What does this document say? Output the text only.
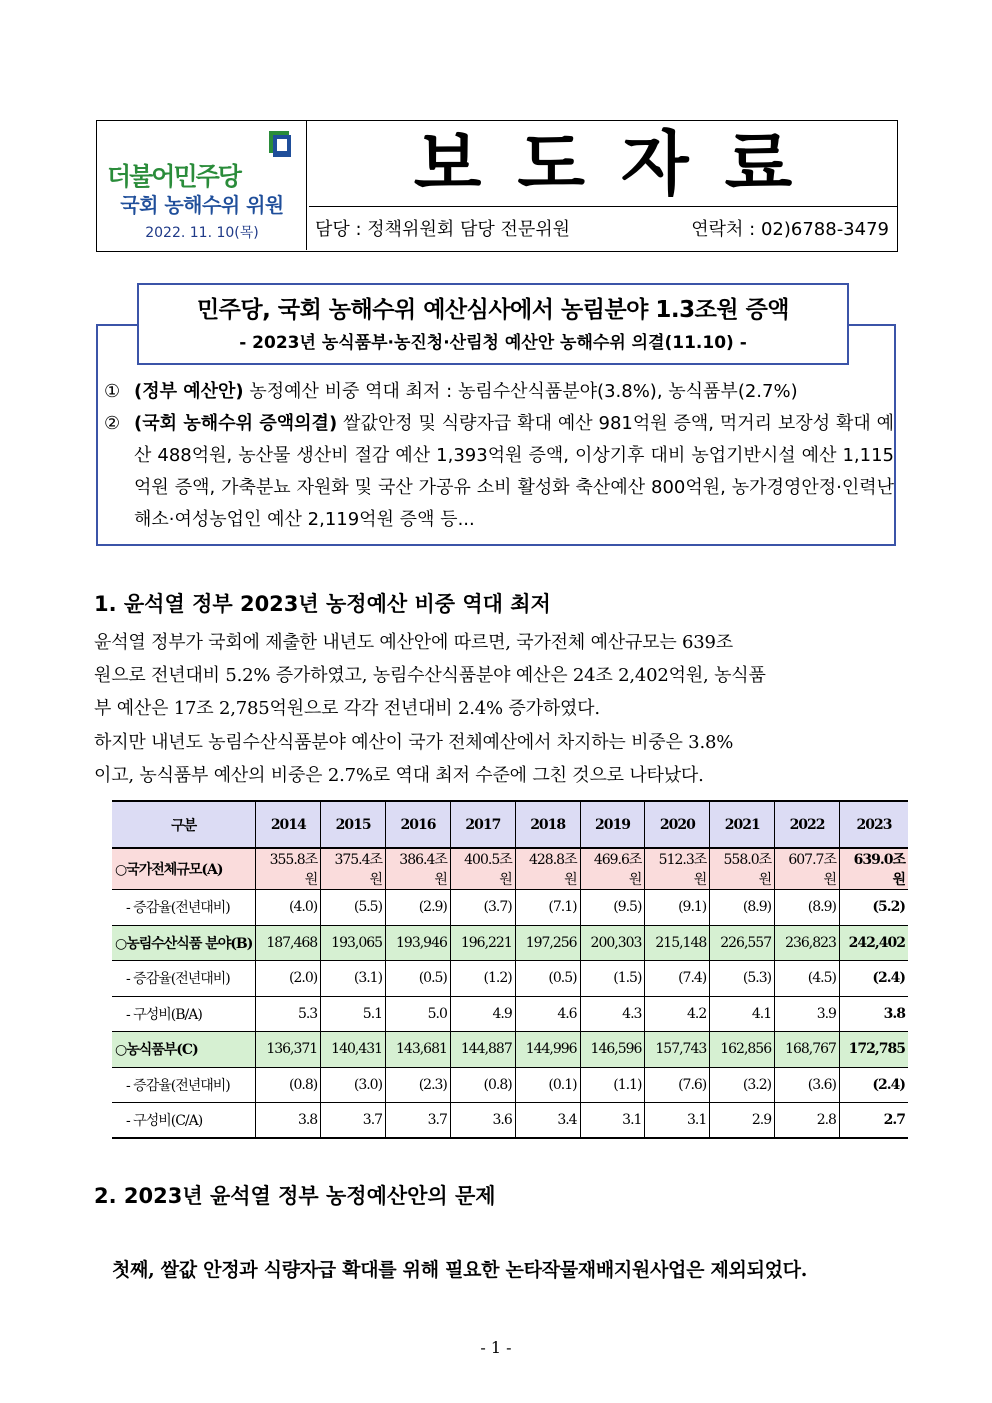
더불어민주당
국회 농해수위 위원
2022. 11. 10(목)
보도자료
담당 : 정책위원회 담당 전문위원	연락처 : 02)6788-3479
민주당, 국회 농해수위 예산심사에서 농림분야 1.3조원 증액
- 2023년 농식품부·농진청·산림청 예산안 농해수위 의결(11.10) -
① (정부 예산안) 농정예산 비중 역대 최저 : 농림수산식품분야(3.8%), 농식품부(2.7%)
② (국회 농해수위 증액의결) 쌀값안정 및 식량자급 확대 예산 981억원 증액, 먹거리 보장성 확대 예산 488억원, 농산물 생산비 절감 예산 1,393억원 증액, 이상기후 대비 농업기반시설 예산 1,115억원 증액, 가축분뇨 자원화 및 국산 가공유 소비 활성화 축산예산 800억원, 농가경영안정·인력난해소·여성농업인 예산 2,119억원 증액 등...
1. 윤석열 정부 2023년 농정예산 비중 역대 최저
윤석열 정부가 국회에 제출한 내년도 예산안에 따르면, 국가전체 예산규모는 639조
원으로 전년대비 5.2% 증가하였고, 농림수산식품분야 예산은 24조 2,402억원, 농식품
부 예산은 17조 2,785억원으로 각각 전년대비 2.4% 증가하였다.
하지만 내년도 농림수산식품분야 예산이 국가 전체예산에서 차지하는 비중은 3.8%
이고, 농식품부 예산의 비중은 2.7%로 역대 최저 수준에 그친 것으로 나타났다.
구분	2014	2015	2016	2017	2018	2019	2020	2021	2022	2023
○국가전체규모(A)	355.8조원	375.4조원	386.4조원	400.5조원	428.8조원	469.6조원	512.3조원	558.0조원	607.7조원	639.0조원
- 증감율(전년대비)	(4.0)	(5.5)	(2.9)	(3.7)	(7.1)	(9.5)	(9.1)	(8.9)	(8.9)	(5.2)
○농림수산식품 분야(B)	187,468	193,065	193,946	196,221	197,256	200,303	215,148	226,557	236,823	242,402
- 증감율(전년대비)	(2.0)	(3.1)	(0.5)	(1.2)	(0.5)	(1.5)	(7.4)	(5.3)	(4.5)	(2.4)
- 구성비(B/A)	5.3	5.1	5.0	4.9	4.6	4.3	4.2	4.1	3.9	3.8
○농식품부(C)	136,371	140,431	143,681	144,887	144,996	146,596	157,743	162,856	168,767	172,785
- 증감율(전년대비)	(0.8)	(3.0)	(2.3)	(0.8)	(0.1)	(1.1)	(7.6)	(3.2)	(3.6)	(2.4)
- 구성비(C/A)	3.8	3.7	3.7	3.6	3.4	3.1	3.1	2.9	2.8	2.7
2. 2023년 윤석열 정부 농정예산안의 문제
첫째, 쌀값 안정과 식량자급 확대를 위해 필요한 논타작물재배지원사업은 제외되었다.
- 1 -
